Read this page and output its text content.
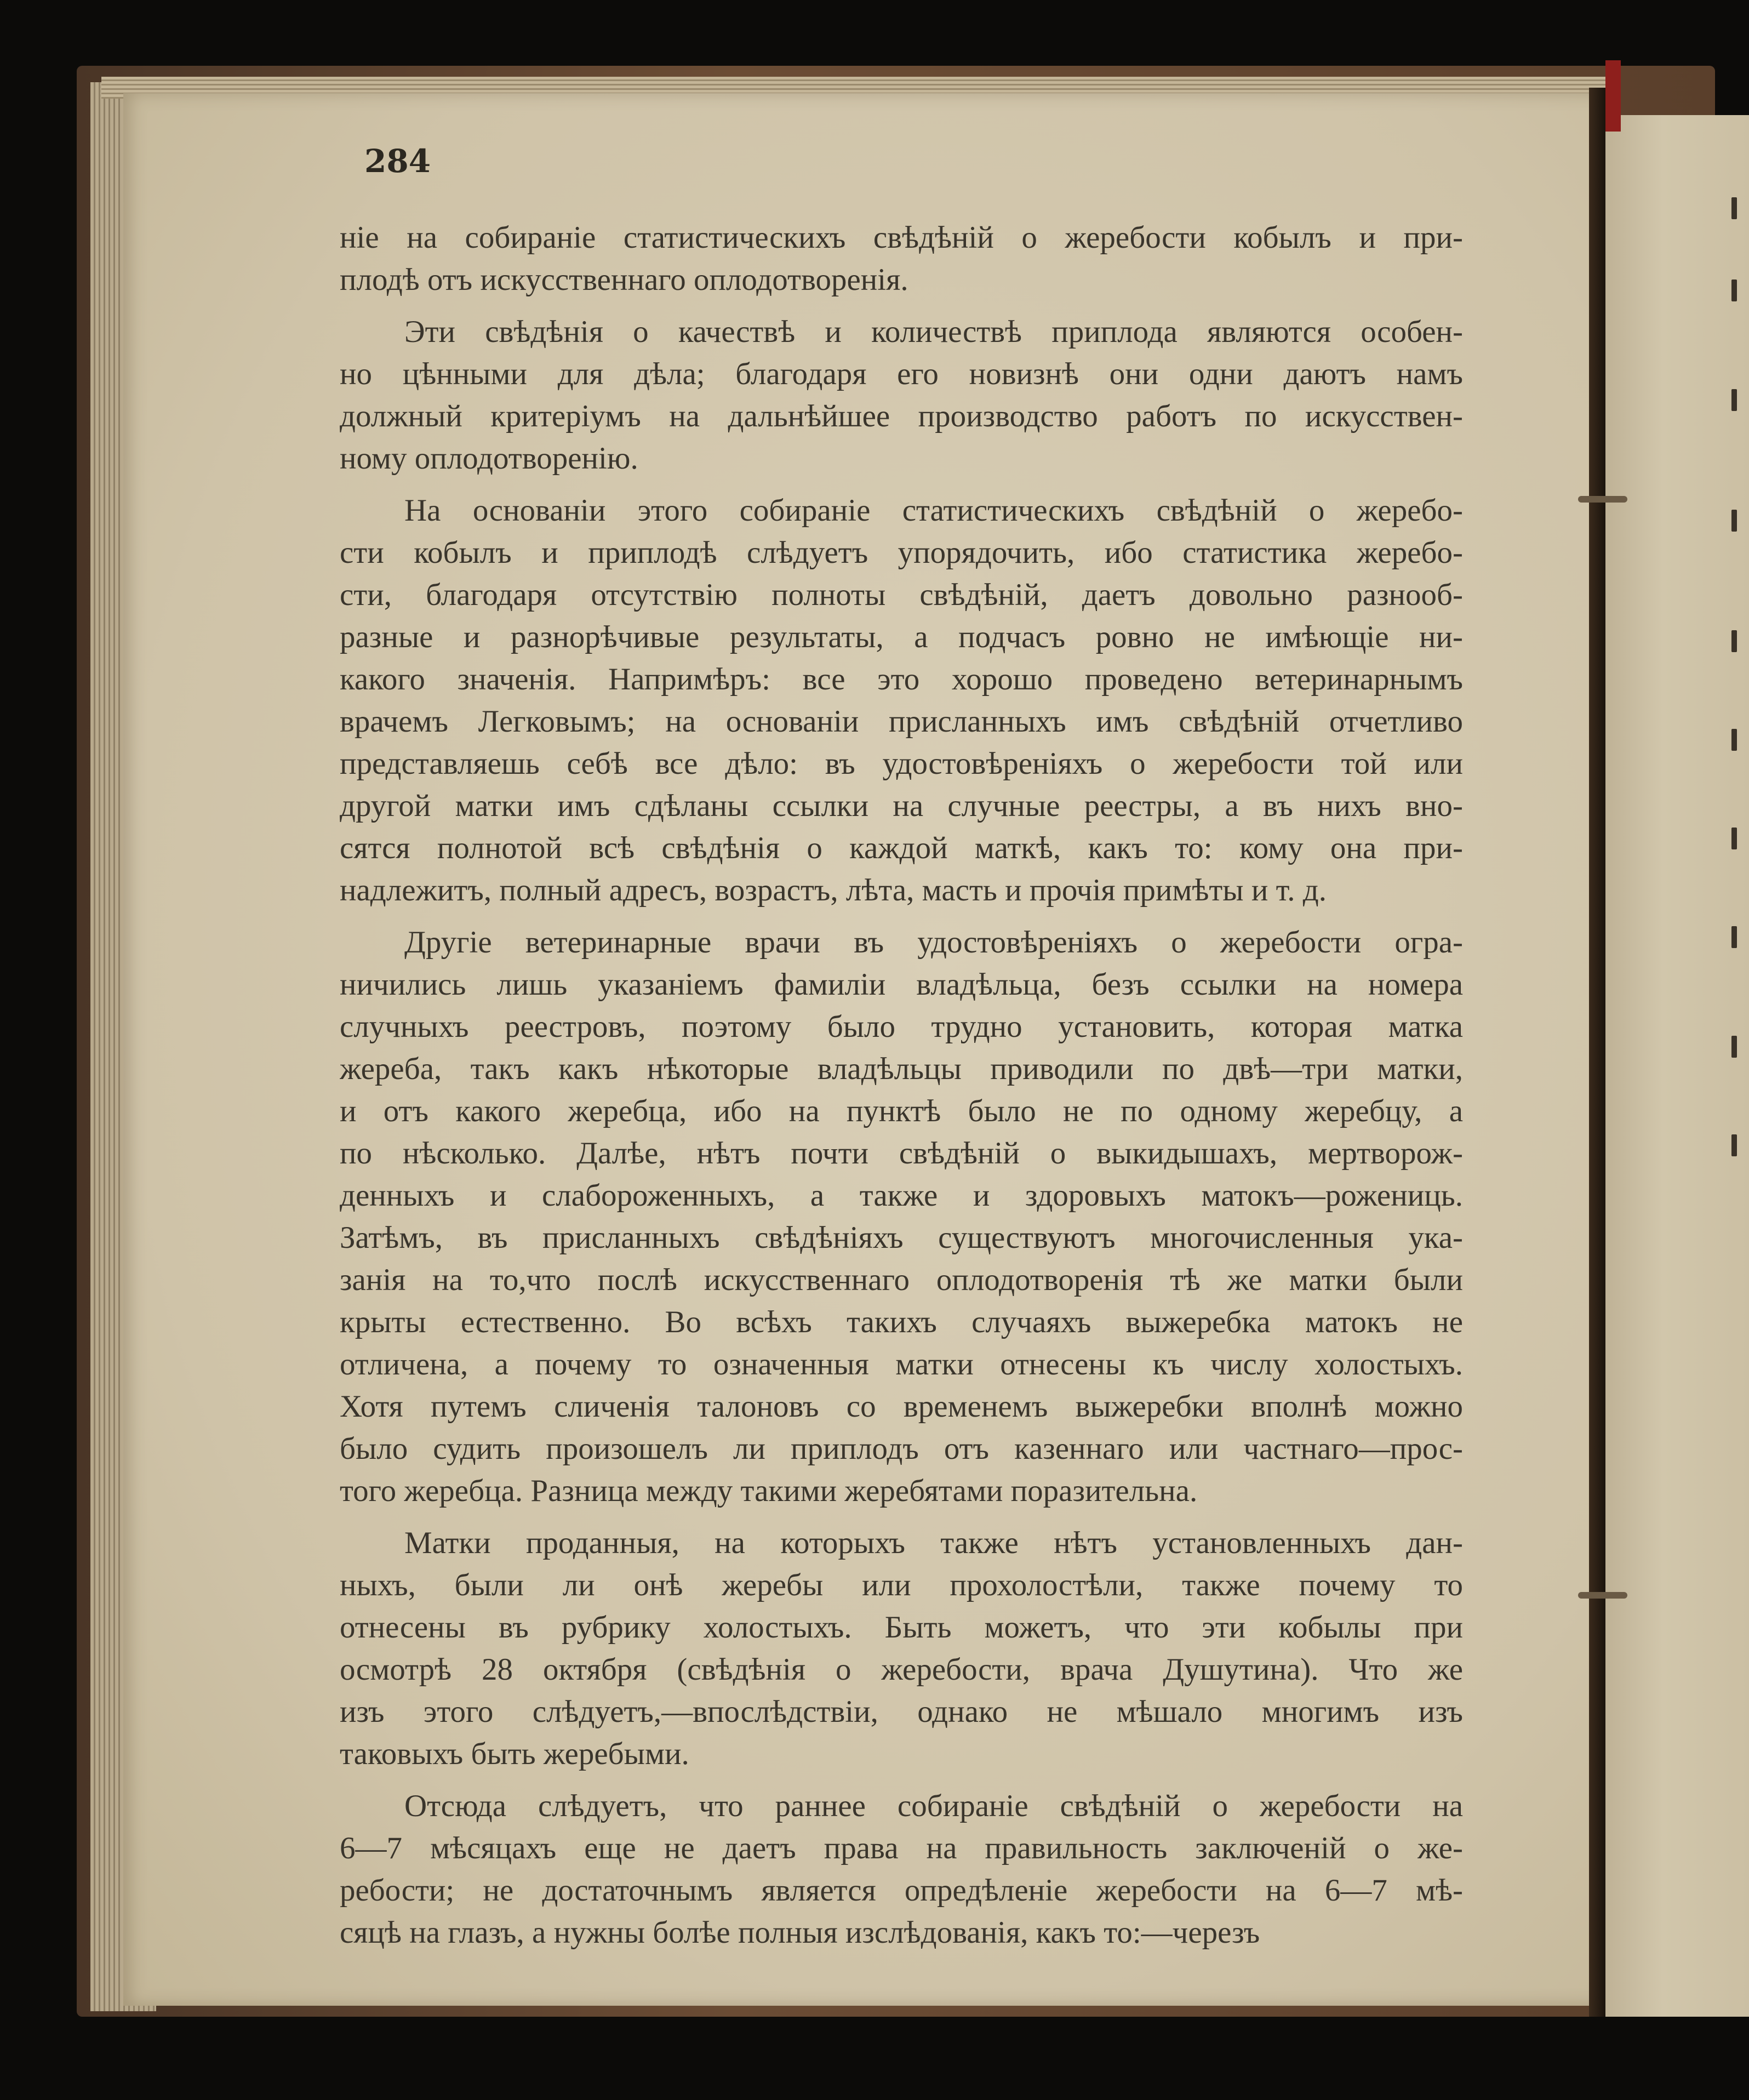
284

ніе на собираніе статистическихъ свѣдѣній о жеребости кобылъ и при-
плодѣ отъ искусственнаго оплодотворенія.
Эти свѣдѣнія о качествѣ и количествѣ приплода являются особен-
но цѣнными для дѣла; благодаря его новизнѣ они одни даютъ намъ
должный критеріумъ на дальнѣйшее производство работъ по искусствен-
ному оплодотворенію.
На основаніи этого собираніе статистическихъ свѣдѣній о жеребо-
сти кобылъ и приплодѣ слѣдуетъ упорядочить, ибо статистика жеребо-
сти, благодаря отсутствію полноты свѣдѣній, даетъ довольно разнооб-
разные и разнорѣчивые результаты, а подчасъ ровно не имѣющіе ни-
какого значенія. Напримѣръ: все это хорошо проведено ветеринарнымъ
врачемъ Легковымъ; на основаніи присланныхъ имъ свѣдѣній отчетливо
представляешь себѣ все дѣло: въ удостовѣреніяхъ о жеребости той или
другой матки имъ сдѣланы ссылки на случные реестры, а въ нихъ вно-
сятся полнотой всѣ свѣдѣнія о каждой маткѣ, какъ то: кому она при-
надлежитъ, полный адресъ, возрастъ, лѣта, масть и прочія примѣты и т. д.
Другіе ветеринарные врачи въ удостовѣреніяхъ о жеребости огра-
ничились лишь указаніемъ фамиліи владѣльца, безъ ссылки на номера
случныхъ реестровъ, поэтому было трудно установить, которая матка
жереба, такъ какъ нѣкоторые владѣльцы приводили по двѣ—три матки,
и отъ какого жеребца, ибо на пунктѣ было не по одному жеребцу, а
по нѣсколько. Далѣе, нѣтъ почти свѣдѣній о выкидышахъ, мертворож-
денныхъ и слабороженныхъ, а также и здоровыхъ матокъ—рожениць.
Затѣмъ, въ присланныхъ свѣдѣніяхъ существуютъ многочисленныя ука-
занія на то,что послѣ искусственнаго оплодотворенія тѣ же матки были
крыты естественно. Во всѣхъ такихъ случаяхъ выжеребка матокъ не
отличена, а почему то означенныя матки отнесены къ числу холостыхъ.
Хотя путемъ сличенія талоновъ со временемъ выжеребки вполнѣ можно
было судить произошелъ ли приплодъ отъ казеннаго или частнаго—прос-
того жеребца. Разница между такими жеребятами поразительна.
Матки проданныя, на которыхъ также нѣтъ установленныхъ дан-
ныхъ, были ли онѣ жеребы или прохолостѣли, также почему то
отнесены въ рубрику холостыхъ. Быть можетъ, что эти кобылы при
осмотрѣ 28 октября (свѣдѣнія о жеребости, врача Душутина). Что же
изъ этого слѣдуетъ,—впослѣдствіи, однако не мѣшало многимъ изъ
таковыхъ быть жеребыми.
Отсюда слѣдуетъ, что раннее собираніе свѣдѣній о жеребости на
6—7 мѣсяцахъ еще не даетъ права на правильность заключеній о же-
ребости; не достаточнымъ является опредѣленіе жеребости на 6—7 мѣ-
сяцѣ на глазъ, а нужны болѣе полныя изслѣдованія, какъ то:—черезъ
